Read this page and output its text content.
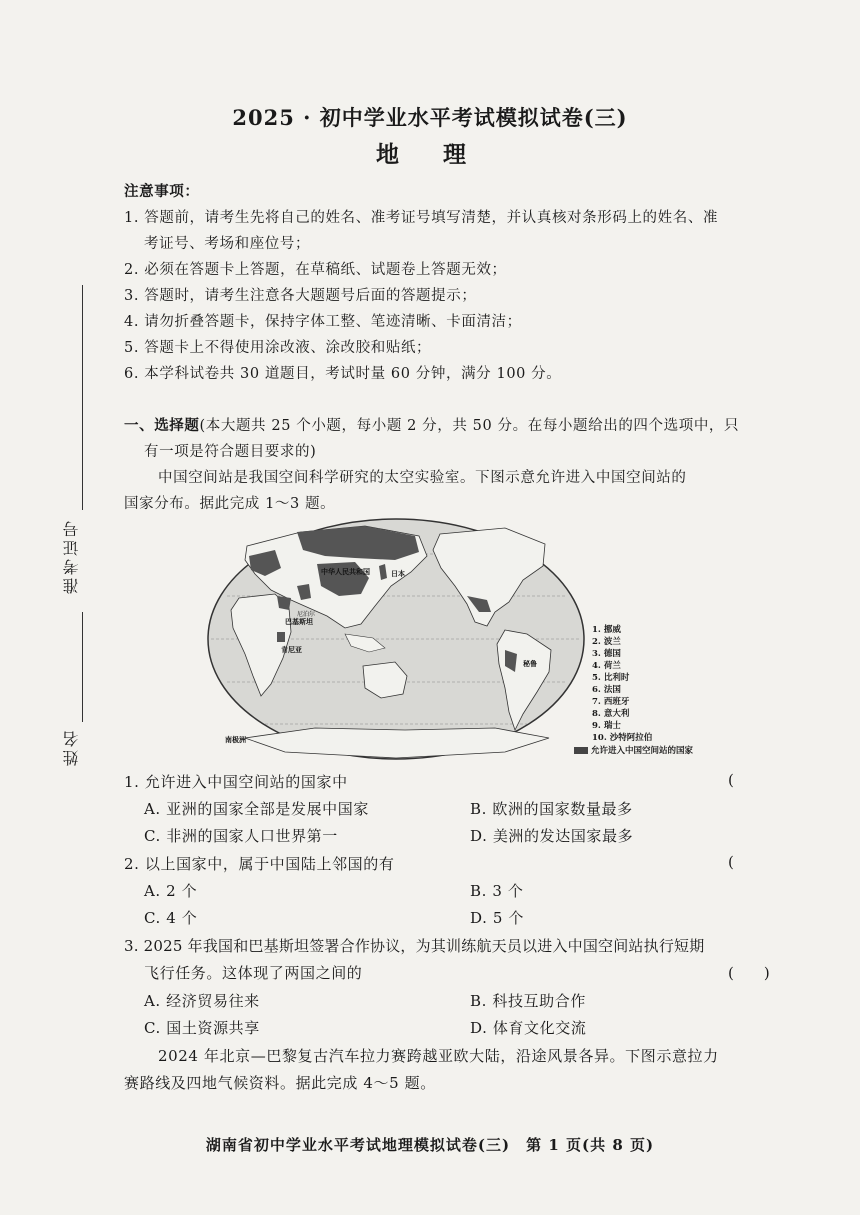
2025 · 初中学业水平考试模拟试卷(三)
地 理
准考证号
姓名
注意事项：
1. 答题前，请考生先将自己的姓名、准考证号填写清楚，并认真核对条形码上的姓名、准
考证号、考场和座位号；
2. 必须在答题卡上答题，在草稿纸、试题卷上答题无效；
3. 答题时，请考生注意各大题题号后面的答题提示；
4. 请勿折叠答题卡，保持字体工整、笔迹清晰、卡面清洁；
5. 答题卡上不得使用涂改液、涂改胶和贴纸；
6. 本学科试卷共 30 道题目，考试时量 60 分钟，满分 100 分。
一、选择题(本大题共 25 个小题，每小题 2 分，共 50 分。在每小题给出的四个选项中，只
有一项是符合题目要求的)
中国空间站是我国空间科学研究的太空实验室。下图示意允许进入中国空间站的
国家分布。据此完成 1～3 题。
中华人民共和国	日本
巴基斯坦
尼泊尔
肯尼亚
秘鲁
南极洲
1. 挪威
2. 波兰
3. 德国
4. 荷兰
5. 比利时
6. 法国
7. 西班牙
8. 意大利
9. 瑞士
10. 沙特阿拉伯
允许进入中国空间站的国家
1. 允许进入中国空间站的国家中	(
A. 亚洲的国家全部是发展中国家	B. 欧洲的国家数量最多
C. 非洲的国家人口世界第一	D. 美洲的发达国家最多
2. 以上国家中，属于中国陆上邻国的有	(
A. 2 个	B. 3 个
C. 4 个	D. 5 个
3. 2025 年我国和巴基斯坦签署合作协议，为其训练航天员以进入中国空间站执行短期
飞行任务。这体现了两国之间的	(　　)
A. 经济贸易往来	B. 科技互助合作
C. 国土资源共享	D. 体育文化交流
2024 年北京—巴黎复古汽车拉力赛跨越亚欧大陆，沿途风景各异。下图示意拉力
赛路线及四地气候资料。据此完成 4～5 题。
湖南省初中学业水平考试地理模拟试卷(三)　第 1 页(共 8 页)
